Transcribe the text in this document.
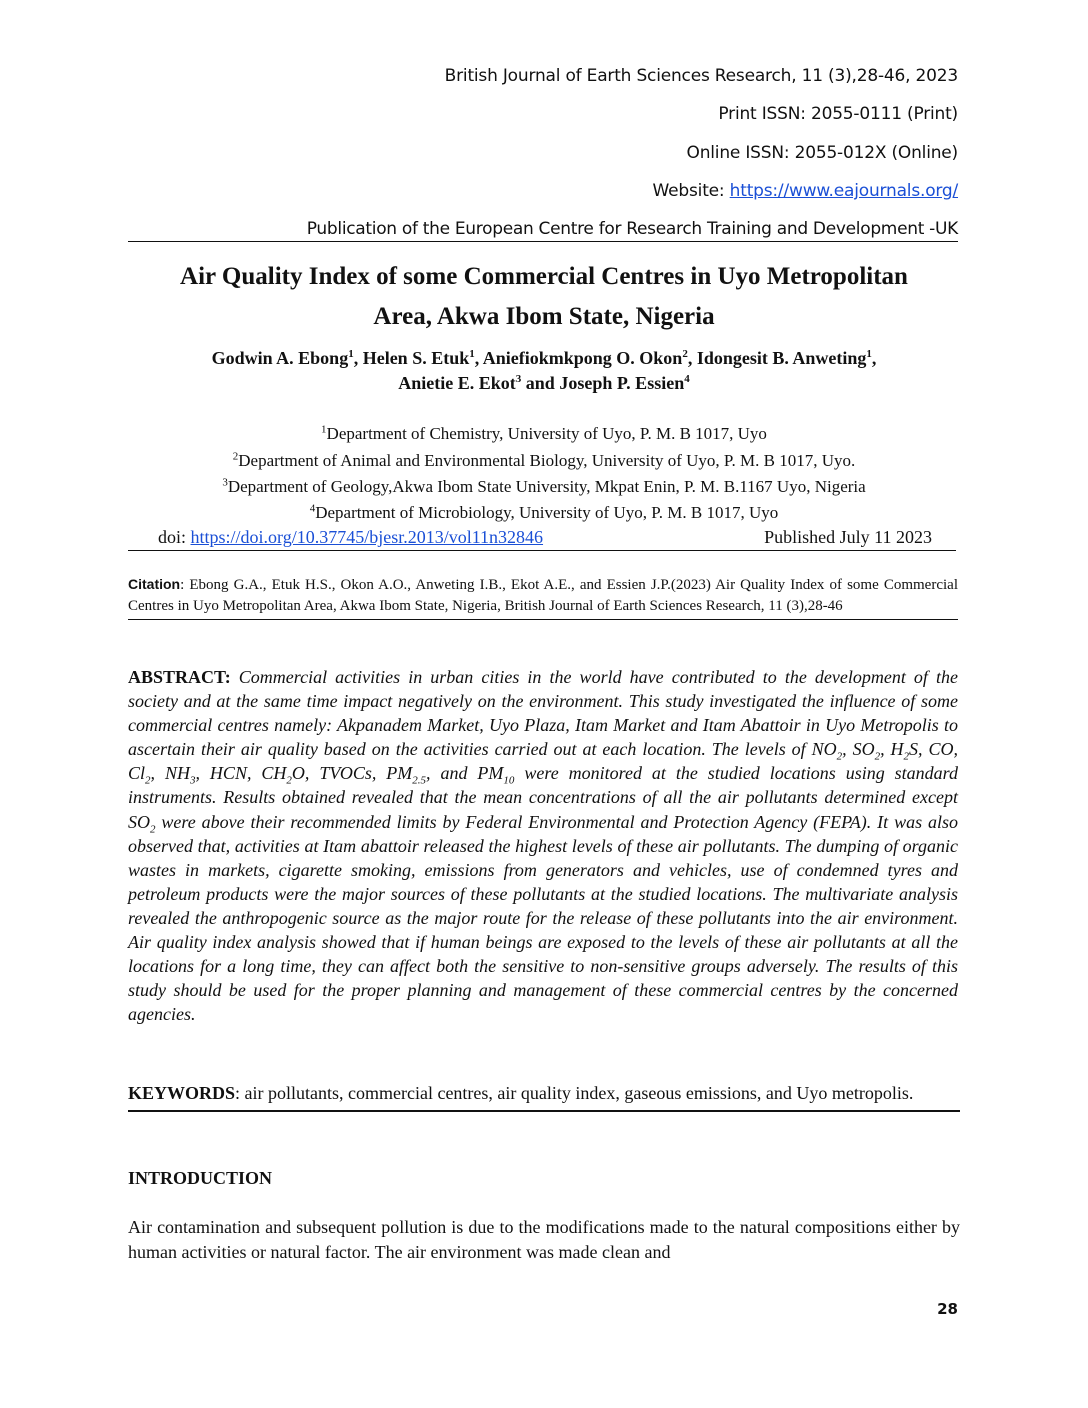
British Journal of Earth Sciences Research, 11 (3),28-46, 2023
Print ISSN: 2055-0111 (Print)
Online ISSN: 2055-012X (Online)
Website: https://www.eajournals.org/
Publication of the European Centre for Research Training and Development -UK
Air Quality Index of some Commercial Centres in Uyo Metropolitan
Area, Akwa Ibom State, Nigeria
Godwin A. Ebong$^1$, Helen S. Etuk$^1$, Aniefiokmkpong O. Okon$^2$, Idongesit B. Anweting$^1$,
Anietie E. Ekot$^3$ and Joseph P. Essien$^4$
$^1$Department of Chemistry, University of Uyo, P. M. B 1017, Uyo
$^2$Department of Animal and Environmental Biology, University of Uyo, P. M. B 1017, Uyo.
$^3$Department of Geology,Akwa Ibom State University, Mkpat Enin, P. M. B.1167 Uyo, Nigeria
$^4$Department of Microbiology, University of Uyo, P. M. B 1017, Uyo
doi: https://doi.org/10.37745/bjesr.2013/vol11n32846	Published July 11 2023
Citation: Ebong G.A., Etuk H.S., Okon A.O., Anweting I.B., Ekot A.E., and Essien J.P.(2023) Air Quality Index of some Commercial Centres in Uyo Metropolitan Area, Akwa Ibom State, Nigeria, British Journal of Earth Sciences Research, 11 (3),28-46
ABSTRACT: Commercial activities in urban cities in the world have contributed to the development of the society and at the same time impact negatively on the environment. This study investigated the influence of some commercial centres namely: Akpanadem Market, Uyo Plaza, Itam Market and Itam Abattoir in Uyo Metropolis to ascertain their air quality based on the activities carried out at each location. The levels of $NO_2$, $SO_2$, $H_2S$, CO, $Cl_2$, $NH_3$, HCN, $CH_2O$, TVOCs, $PM_{2.5}$, and $PM_{10}$ were monitored at the studied locations using standard instruments. Results obtained revealed that the mean concentrations of all the air pollutants determined except $SO_2$ were above their recommended limits by Federal Environmental and Protection Agency (FEPA). It was also observed that, activities at Itam abattoir released the highest levels of these air pollutants. The dumping of organic wastes in markets, cigarette smoking, emissions from generators and vehicles, use of condemned tyres and petroleum products were the major sources of these pollutants at the studied locations. The multivariate analysis revealed the anthropogenic source as the major route for the release of these pollutants into the air environment. Air quality index analysis showed that if human beings are exposed to the levels of these air pollutants at all the locations for a long time, they can affect both the sensitive to non-sensitive groups adversely. The results of this study should be used for the proper planning and management of these commercial centres by the concerned agencies.
KEYWORDS: air pollutants, commercial centres, air quality index, gaseous emissions, and Uyo metropolis.
INTRODUCTION
Air contamination and subsequent pollution is due to the modifications made to the natural compositions either by human activities or natural factor. The air environment was made clean and
28
